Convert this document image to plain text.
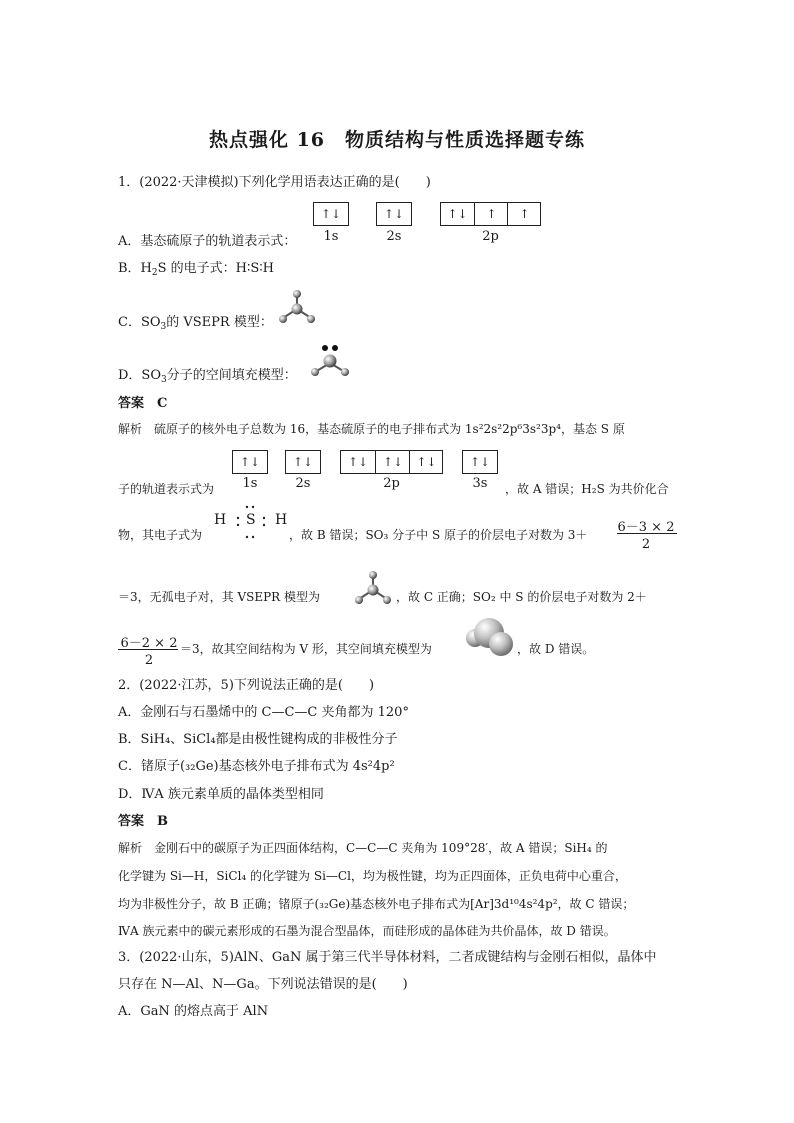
热点强化 16　物质结构与性质选择题专练
1．(2022·天津模拟)下列化学用语表达正确的是(　　)
↑↓	↑↓	↑↓	↑	↑
1s	2s	2p
A．基态硫原子的轨道表示式：
B．$H_2S$ 的电子式：H∶S∶H
C．$SO_3$的 VSEPR 模型：
D．$SO_3$分子的空间填充模型：
答案　C
解析　硫原子的核外电子总数为 16，基态硫原子的电子排布式为 1s²2s²2p⁶3s²3p⁴，基态 S 原
↑↓	↑↓	↑↓	↑↓	↑↓	↑↓
1s	2s	2p	3s
子的轨道表示式为	，故 A 错误；H₂S 为共价化合
H S H
物，其电子式为	，故 B 错误；SO₃ 分子中 S 原子的价层电子对数为 3＋ 6－3 × 2
2
＝3，无孤电子对，其 VSEPR 模型为	，故 C 正确；SO₂ 中 S 的价层电子对数为 2＋
6－2 × 2
2
＝3，故其空间结构为 V 形，其空间填充模型为	，故 D 错误。
2．(2022·江苏，5)下列说法正确的是(　　)
A．金刚石与石墨烯中的 C—C—C 夹角都为 120°
B．SiH₄、SiCl₄都是由极性键构成的非极性分子
C．锗原子(₃₂Ge)基态核外电子排布式为 4s²4p²
D．ⅣA 族元素单质的晶体类型相同
答案　B
解析　金刚石中的碳原子为正四面体结构，C—C—C 夹角为 109°28′，故 A 错误；SiH₄ 的
化学键为 Si—H，SiCl₄ 的化学键为 Si—Cl，均为极性键，均为正四面体，正负电荷中心重合，
均为非极性分子，故 B 正确；锗原子(₃₂Ge)基态核外电子排布式为[Ar]3d¹⁰4s²4p²，故 C 错误；
ⅣA 族元素中的碳元素形成的石墨为混合型晶体，而硅形成的晶体硅为共价晶体，故 D 错误。
3．(2022·山东，5)AlN、GaN 属于第三代半导体材料，二者成键结构与金刚石相似，晶体中
只存在 N—Al、N—Ga。下列说法错误的是(　　)
A．GaN 的熔点高于 AlN
